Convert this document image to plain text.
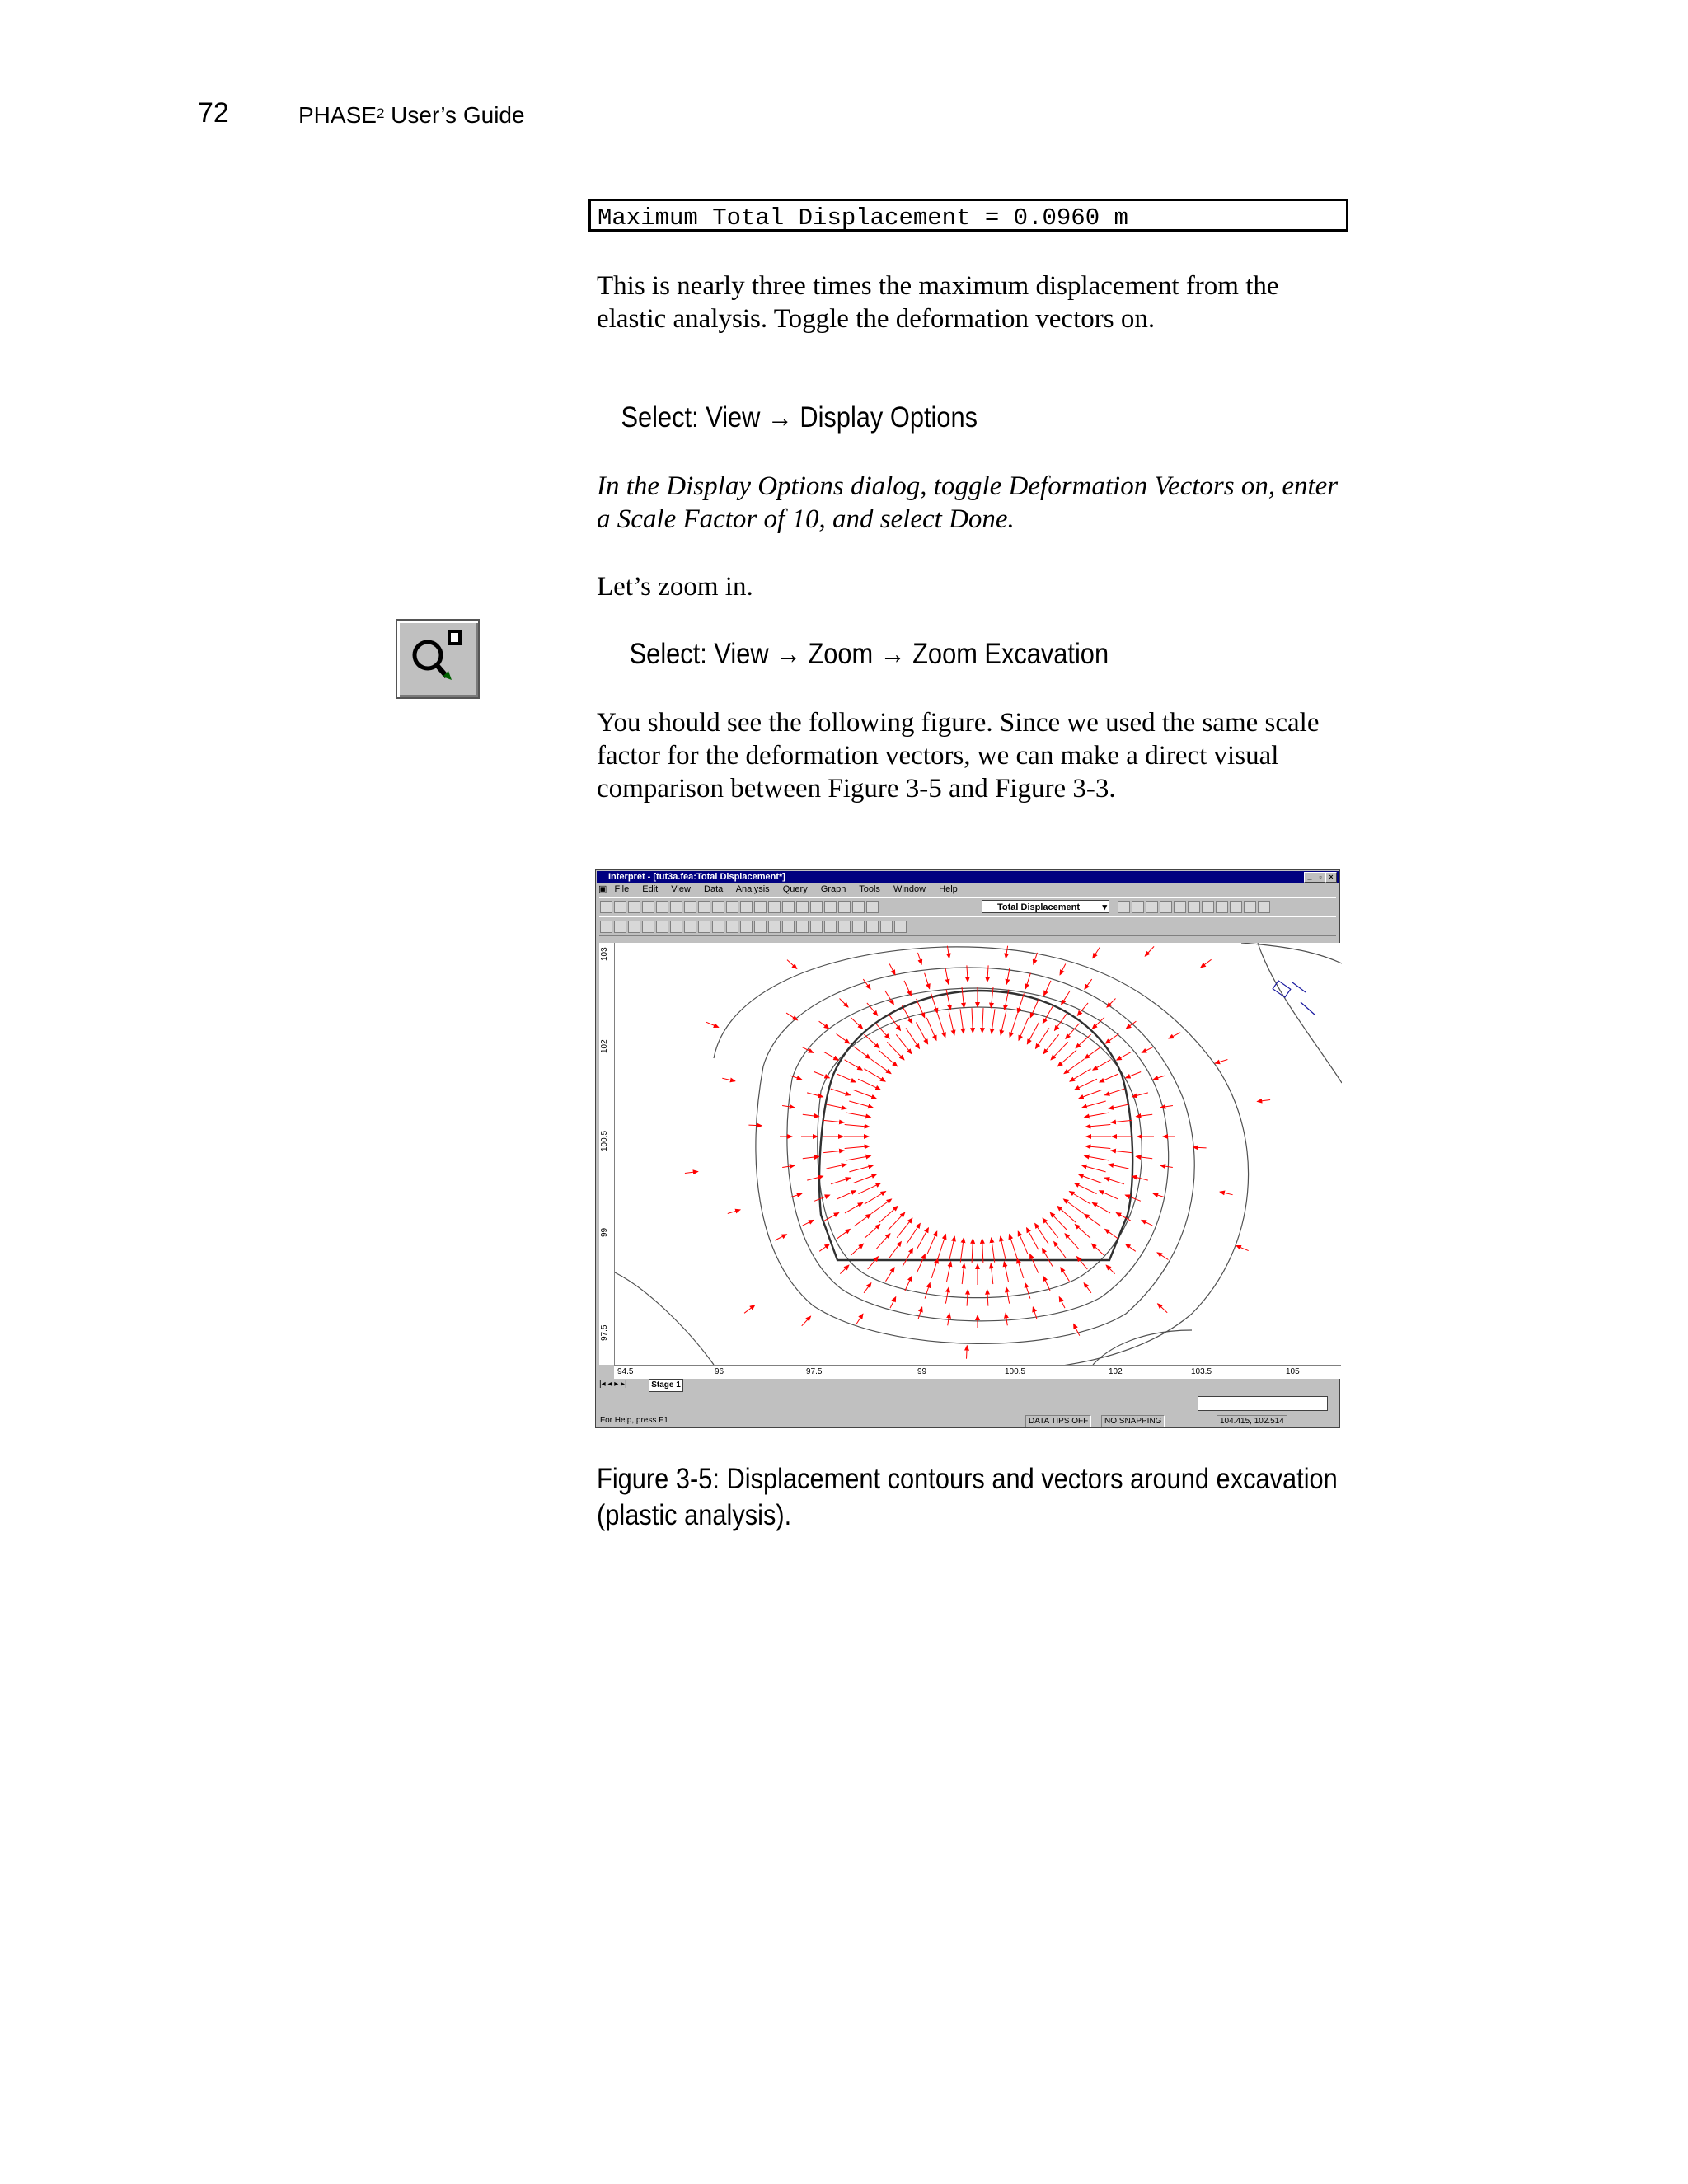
72	PHASE$^2$ User’s Guide
Maximum Total Displacement = 0.0960 m
This is nearly three times the maximum displacement from the elastic analysis. Toggle the deformation vectors on.
Select: View → Display Options
In the Display Options dialog, toggle Deformation Vectors on, enter a Scale Factor of 10, and select Done.
Let’s zoom in.
Select: View → Zoom → Zoom Excavation
You should see the following figure. Since we used the same scale factor for the deformation vectors, we can make a direct visual comparison between Figure 3-5 and Figure 3-3.
Interpret - [tut3a.fea:Total Displacement*]	_ ▫ ×
▣ File Edit View Data Analysis Query Graph Tools Window Help
Total Displacement ▾
103
102
100.5
99
97.5
94.5	96	97.5	99	100.5	102	103.5	105
|◂ ◂ ▸ ▸|	Stage 1
For Help, press F1	DATA TIPS OFF	NO SNAPPING	104.415, 102.514
Figure 3-5: Displacement contours and vectors around excavation (plastic analysis).
